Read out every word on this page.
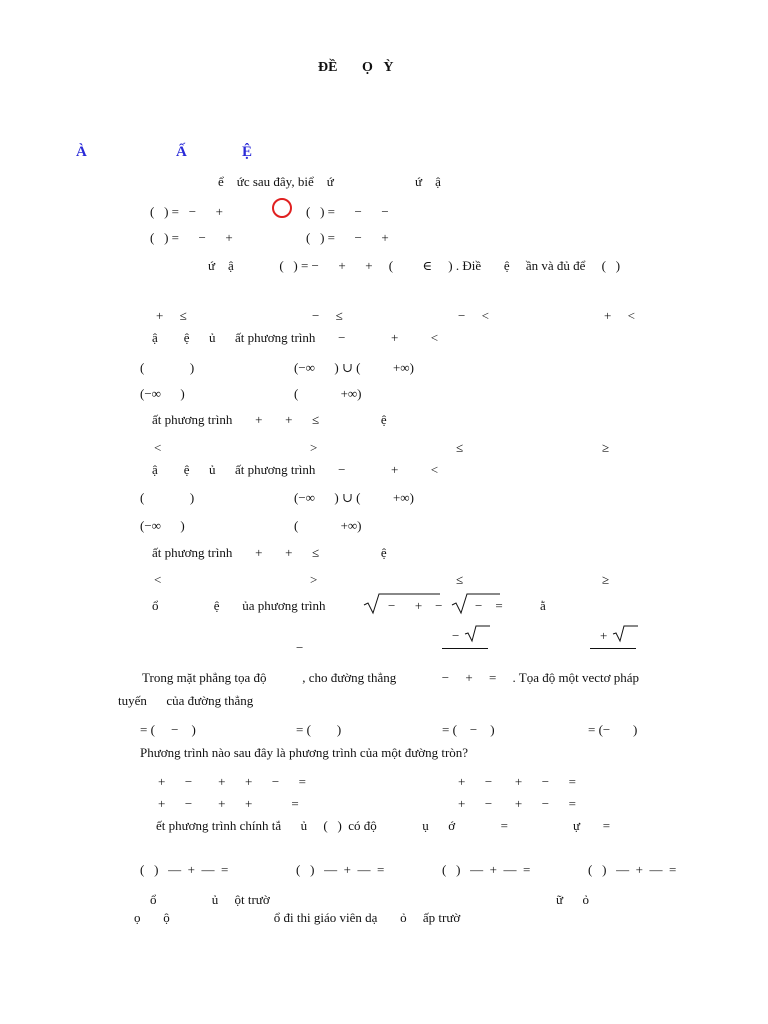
ĐỀ       Ọ   Ỳ
À	Ấ	Ệ
ể    ức sau đây, biể    ứ                         ứ    ậ
(   ) =   −      +	(   ) =      −      −
(   ) =      −      +	(   ) =      −      +
ứ    ậ              (   ) = −      +      +     (         ∈     ) . Điề       ệ     ần và đủ để     (   )
+     ≤	−     ≤	−     <	+     <
ậ        ệ      ủ      ất phương trình       −              +          <
(              )	(−∞      ) ∪ (          +∞)
(−∞      )	(             +∞)
ất phương trình       +       +      ≤                   ệ
<	>	≤	≥
ậ        ệ      ủ      ất phương trình       −              +          <
(              )	(−∞      ) ∪ (          +∞)
(−∞      )	(             +∞)
ất phương trình       +       +      ≤                   ệ
<	>	≤	≥
ổ                 ệ       ủa phương trình	−      +    −          −    =	ằ
−
−	+
Trong mặt phẳng tọa độ           , cho đường thẳng              −     +     =     . Tọa độ một vectơ pháp
tuyến      của đường thẳng
= (     −    )	= (        )	= (    −    )	= (−       )
Phương trình nào sau đây là phương trình của một đường tròn?
+      −        +      +      −      =	+      −       +      −      =
+      −        +      +            =	+      −       +      −      =
ết phương trình chính tắ      ủ     (   )  có độ              ụ      ớ              =                    ự       =
(   )   —  +  —  =	(   )   —  +  —  =	(   )   —  +  —  =	(   )   —  +  —  =
ổ                 ủ     ột trườ	ữ      ỏ
ọ       ộ                                ổ đi thi giáo viên dạ       ỏ     ấp trườ
